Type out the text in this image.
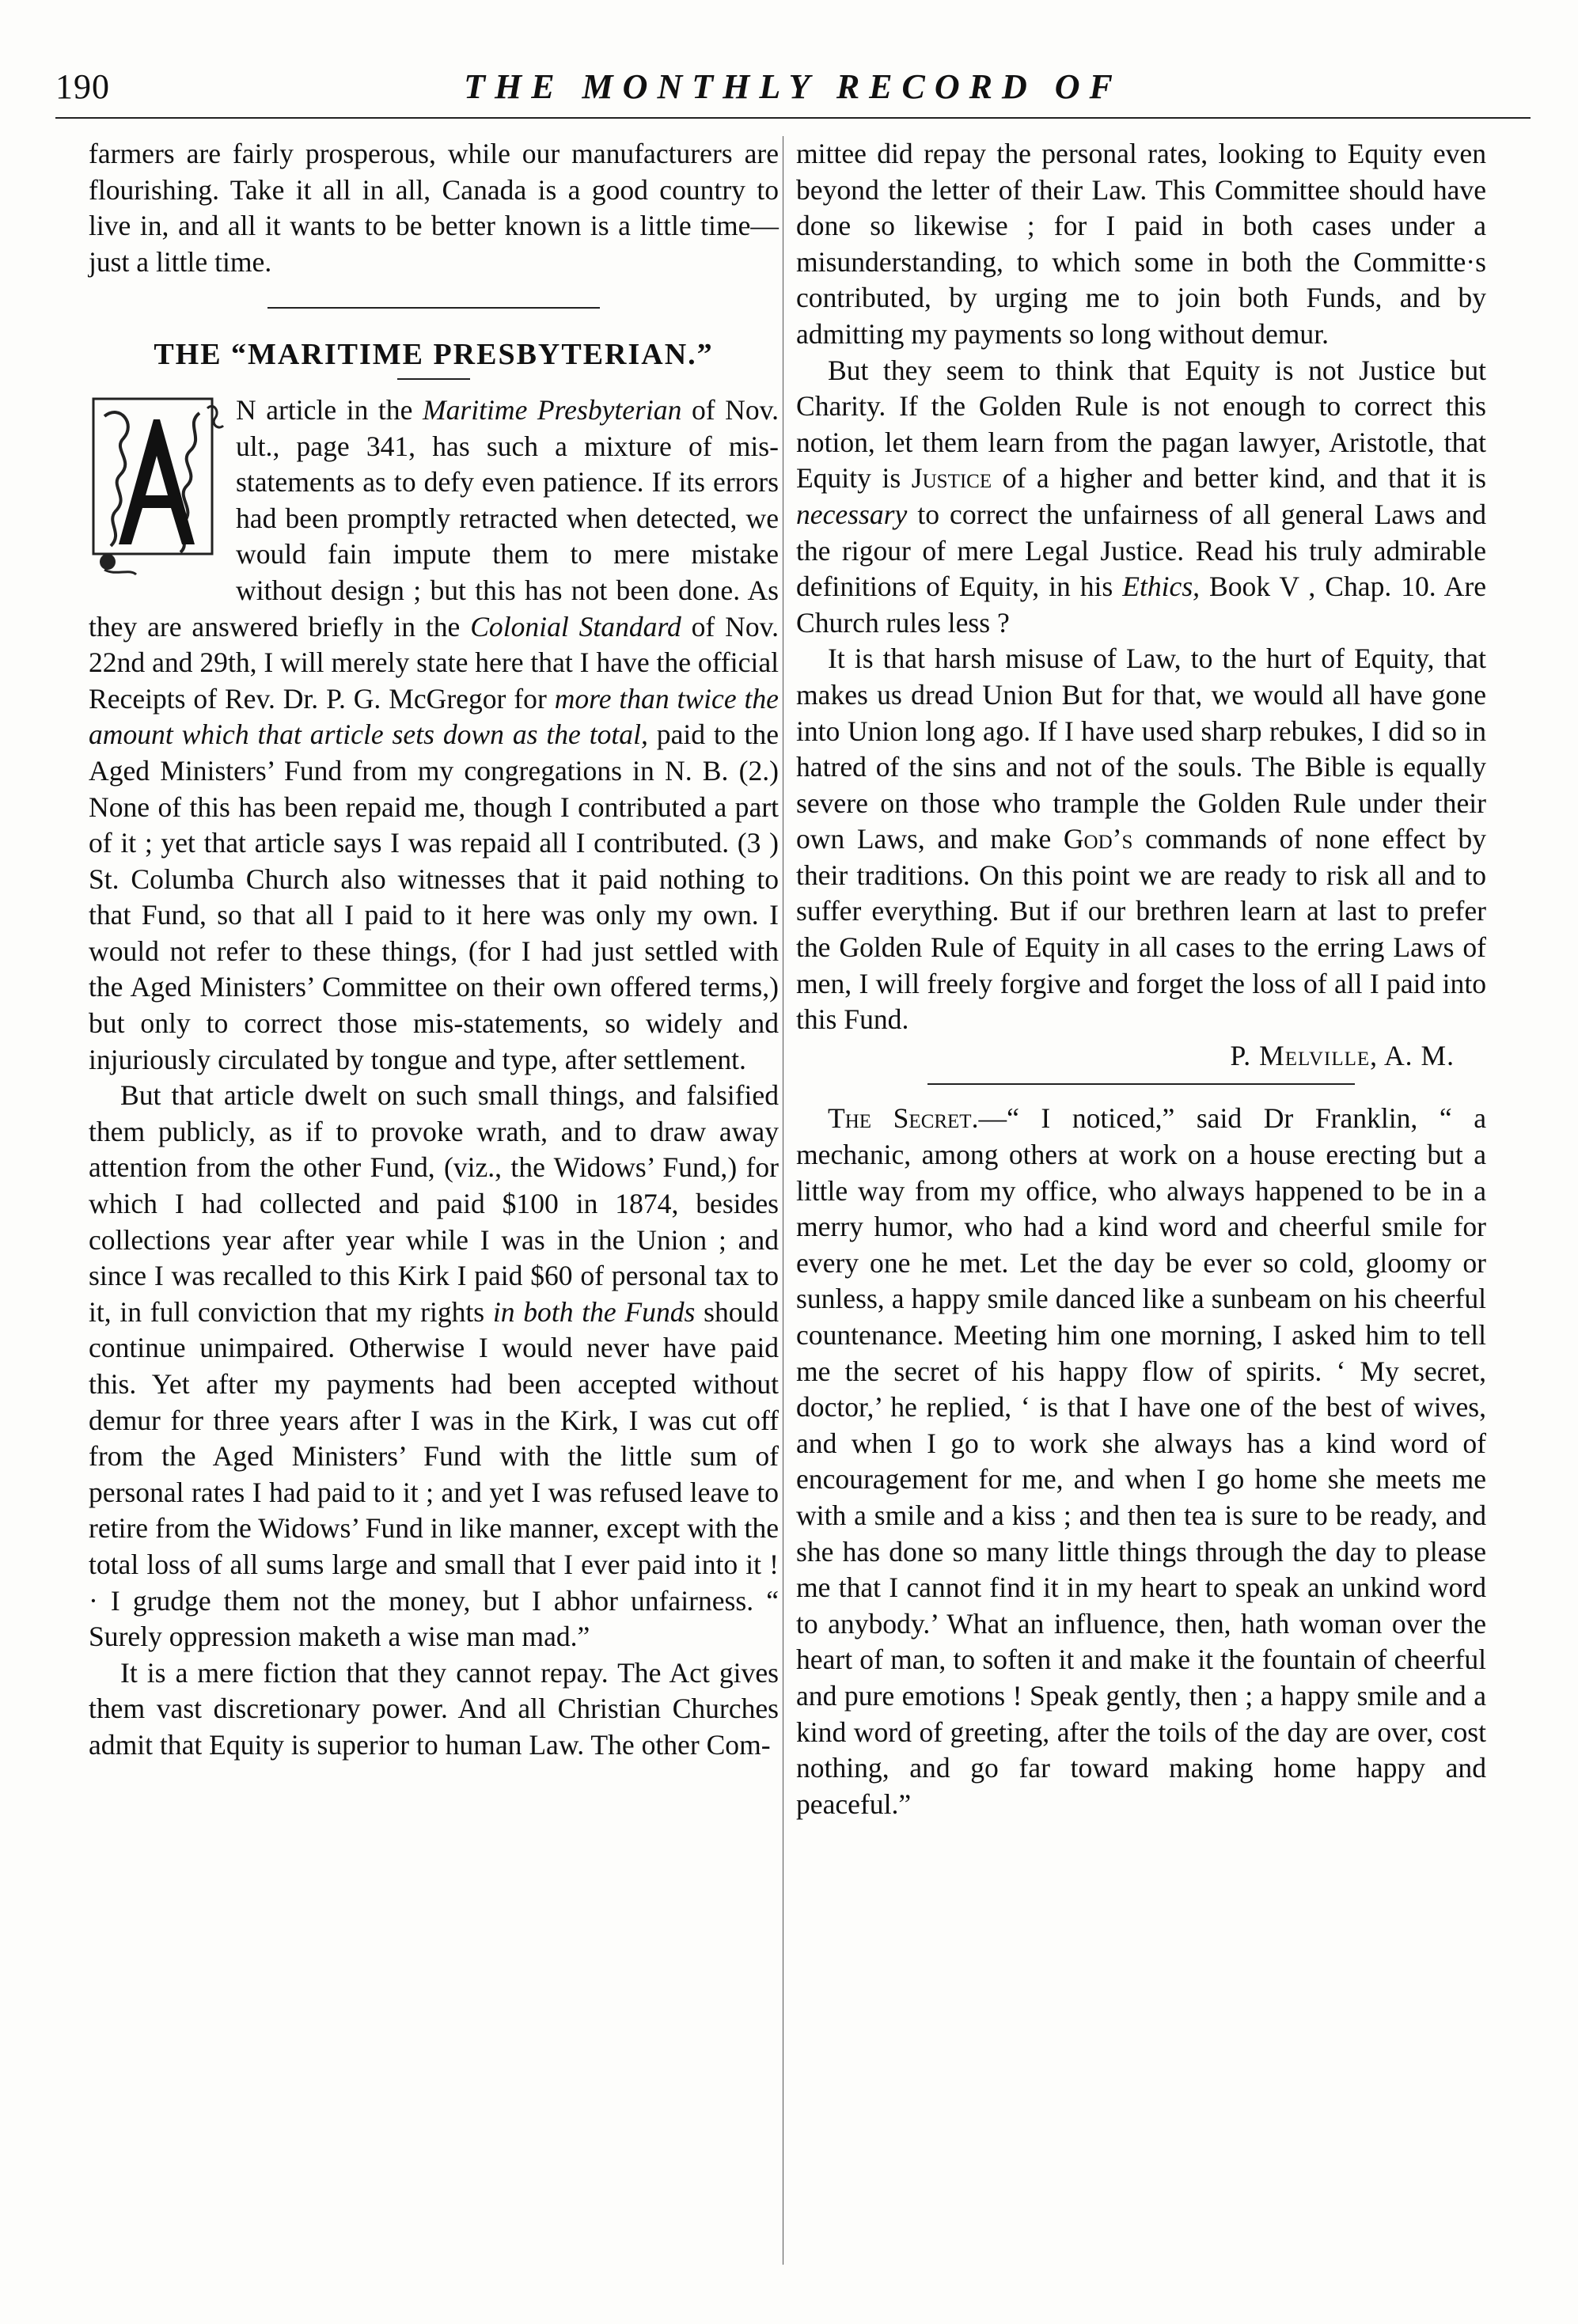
190	THE MONTHLY RECORD OF

farmers are fairly prosperous, while our manufacturers are flourishing. Take it all in all, Canada is a good country to live in, and all it wants to be better known is a little time—just a little time.

THE “MARITIME PRESBYTERIAN.”

N article in the Maritime Presbyterian of Nov. ult., page 341, has such a mixture of mis-statements as to defy even patience. If its errors had been promptly retracted when detected, we would fain impute them to mere mistake without design ; but this has not been done. As they are answered briefly in the Colonial Standard of Nov. 22nd and 29th, I will merely state here that I have the official Receipts of Rev. Dr. P. G. McGregor for more than twice the amount which that article sets down as the total, paid to the Aged Ministers’ Fund from my congregations in N. B. (2.) None of this has been repaid me, though I contributed a part of it ; yet that article says I was repaid all I contributed. (3 ) St. Columba Church also witnesses that it paid nothing to that Fund, so that all I paid to it here was only my own. I would not refer to these things, (for I had just settled with the Aged Ministers’ Committee on their own offered terms,) but only to correct those mis-statements, so widely and injuriously circulated by tongue and type, after settlement.

But that article dwelt on such small things, and falsified them publicly, as if to provoke wrath, and to draw away attention from the other Fund, (viz., the Widows’ Fund,) for which I had collected and paid $100 in 1874, besides collections year after year while I was in the Union ; and since I was recalled to this Kirk I paid $60 of personal tax to it, in full conviction that my rights in both the Funds should continue unimpaired. Otherwise I would never have paid this. Yet after my payments had been accepted without demur for three years after I was in the Kirk, I was cut off from the Aged Ministers’ Fund with the little sum of personal rates I had paid to it ; and yet I was refused leave to retire from the Widows’ Fund in like manner, except with the total loss of all sums large and small that I ever paid into it ! · I grudge them not the money, but I abhor unfairness. “ Surely oppression maketh a wise man mad.”

It is a mere fiction that they cannot repay. The Act gives them vast discretionary power. And all Christian Churches admit that Equity is superior to human Law. The other Com-

mittee did repay the personal rates, looking to Equity even beyond the letter of their Law. This Committee should have done so likewise ; for I paid in both cases under a misunderstanding, to which some in both the Committe·s contributed, by urging me to join both Funds, and by admitting my payments so long without demur.

But they seem to think that Equity is not Justice but Charity. If the Golden Rule is not enough to correct this notion, let them learn from the pagan lawyer, Aristotle, that Equity is Justice of a higher and better kind, and that it is necessary to correct the unfairness of all general Laws and the rigour of mere Legal Justice. Read his truly admirable definitions of Equity, in his Ethics, Book V , Chap. 10. Are Church rules less ?

It is that harsh misuse of Law, to the hurt of Equity, that makes us dread Union But for that, we would all have gone into Union long ago. If I have used sharp rebukes, I did so in hatred of the sins and not of the souls. The Bible is equally severe on those who trample the Golden Rule under their own Laws, and make God’s commands of none effect by their traditions. On this point we are ready to risk all and to suffer everything. But if our brethren learn at last to prefer the Golden Rule of Equity in all cases to the erring Laws of men, I will freely forgive and forget the loss of all I paid into this Fund.

P. Melville, A. M.

The Secret.—“ I noticed,” said Dr Franklin, “ a mechanic, among others at work on a house erecting but a little way from my office, who always happened to be in a merry humor, who had a kind word and cheerful smile for every one he met. Let the day be ever so cold, gloomy or sunless, a happy smile danced like a sunbeam on his cheerful countenance. Meeting him one morning, I asked him to tell me the secret of his happy flow of spirits. ‘ My secret, doctor,’ he replied, ‘ is that I have one of the best of wives, and when I go to work she always has a kind word of encouragement for me, and when I go home she meets me with a smile and a kiss ; and then tea is sure to be ready, and she has done so many little things through the day to please me that I cannot find it in my heart to speak an unkind word to anybody.’ What an influence, then, hath woman over the heart of man, to soften it and make it the fountain of cheerful and pure emotions ! Speak gently, then ; a happy smile and a kind word of greeting, after the toils of the day are over, cost nothing, and go far toward making home happy and peaceful.”
